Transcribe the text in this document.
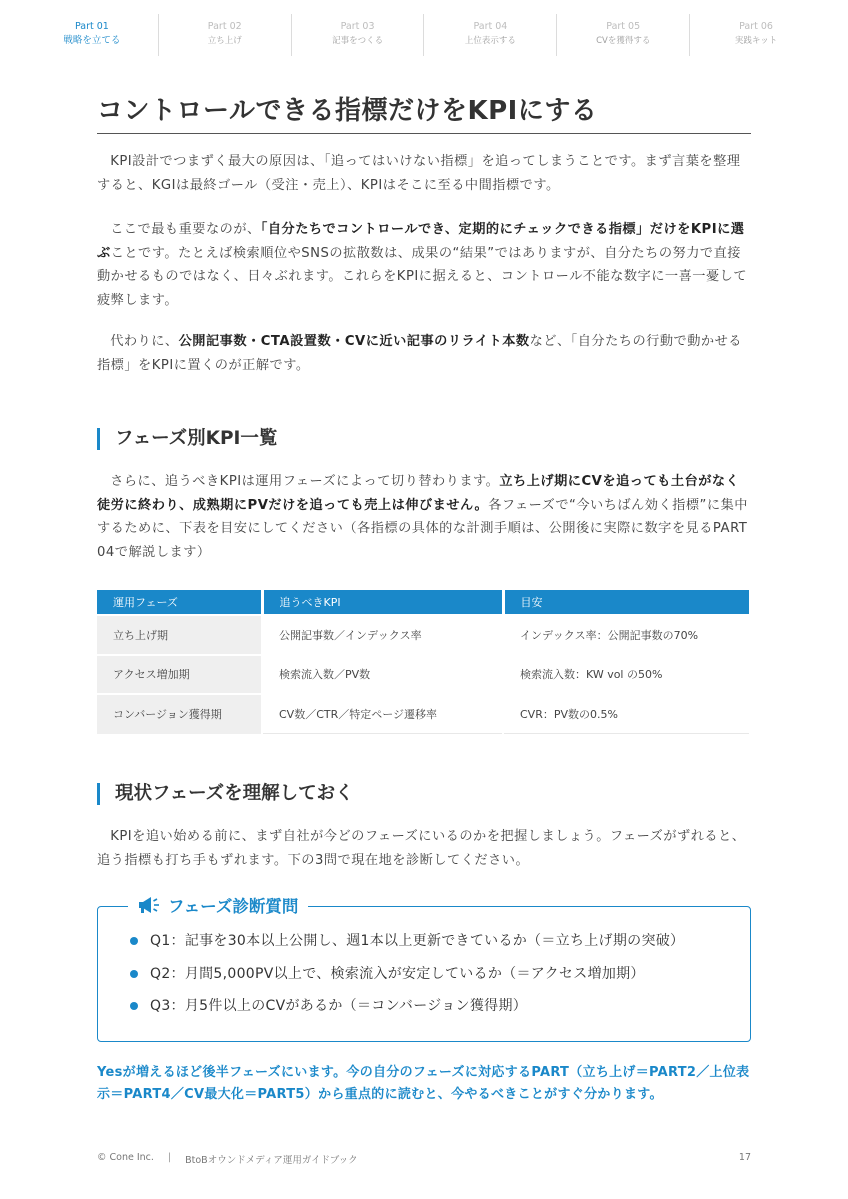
Part 01
戦略を立てる
Part 02
立ち上げ
Part 03
記事をつくる
Part 04
上位表示する
Part 05
CVを獲得する
Part 06
実践キット
コントロールできる指標だけをKPIにする

KPI設計でつまずく最大の原因は、「追ってはいけない指標」を追ってしまうことです。まず言葉を整理すると、KGIは最終ゴール（受注・売上）、KPIはそこに至る中間指標です。

ここで最も重要なのが、「自分たちでコントロールでき、定期的にチェックできる指標」だけをKPIに選ぶことです。たとえば検索順位やSNSの拡散数は、成果の“結果”ではありますが、自分たちの努力で直接動かせるものではなく、日々ぶれます。これらをKPIに据えると、コントロール不能な数字に一喜一憂して疲弊します。

代わりに、公開記事数・CTA設置数・CVに近い記事のリライト本数など、「自分たちの行動で動かせる指標」をKPIに置くのが正解です。

フェーズ別KPI一覧

さらに、追うべきKPIは運用フェーズによって切り替わります。立ち上げ期にCVを追っても土台がなく徒労に終わり、成熟期にPVだけを追っても売上は伸びません。各フェーズで“今いちばん効く指標”に集中するために、下表を目安にしてください（各指標の具体的な計測手順は、公開後に実際に数字を見るPART 04で解説します）

運用フェーズ	追うべきKPI	目安
立ち上げ期	公開記事数／インデックス率	インデックス率：公開記事数の70%
アクセス増加期	検索流入数／PV数	検索流入数：KW vol の50%
コンバージョン獲得期	CV数／CTR／特定ページ遷移率	CVR：PV数の0.5%
現状フェーズを理解しておく

KPIを追い始める前に、まず自社が今どのフェーズにいるのかを把握しましょう。フェーズがずれると、追う指標も打ち手もずれます。下の3問で現在地を診断してください。

フェーズ診断質問
Q1：記事を30本以上公開し、週1本以上更新できているか（＝立ち上げ期の突破）
Q2：月間5,000PV以上で、検索流入が安定しているか（＝アクセス増加期）
Q3：月5件以上のCVがあるか（＝コンバージョン獲得期）

Yesが増えるほど後半フェーズにいます。今の自分のフェーズに対応するPART（立ち上げ＝PART2／上位表示＝PART4／CV最大化＝PART5）から重点的に読むと、今やるべきことがすぐ分かります。

© Cone Inc. | BtoBオウンドメディア運用ガイドブック	17
